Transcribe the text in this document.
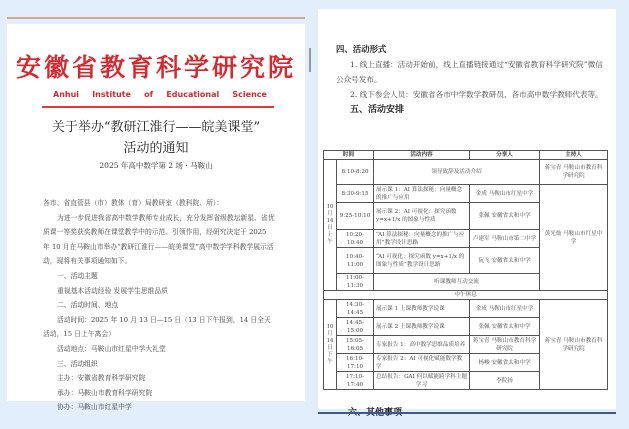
安徽省教育科学研究院
Anhui Institute of Educational Science
关于举办“教研江淮行——皖美课堂”
活动的通知
2025 年高中数学第 2 场 · 马鞍山

各市、省直管县（市）教体（育）局教研室（教科院、所）：

为进一步促进我省高中数学教师专业成长，充分发挥省级教坛新星、省优质课一等奖获奖教师在课堂教学中的示范、引领作用，经研究决定于 2025 年 10 月在马鞍山市举办“教研江淮行——皖美课堂”高中数学学科教学展示活动，现将有关事项通知如下。

一、活动主题

重视基本活动经验 发展学生思维品质

二、活动时间、地点

活动时间：2025 年 10 月 13 日—15 日（13 日下午报到，14 日全天活动，15 日上午离会）

活动地点：马鞍山市红星中学大礼堂

三、活动组织

主办：安徽省教育科学研究院

承办：马鞍山市教育科学研究院

协办：马鞍山市红星中学

四、活动形式

1. 线上直播：活动开始前，线上直播链接通过“安徽省教育科学研究院”微信公众号发布。

2. 线下参会人员：安徽省各市中学数学教研员、各市高中数学教师代表等。

五、活动安排

时间		活动内容	分享人	主持人
10月14日上午	8:10-8:20	领导致辞及活动介绍		蒋宝青 马鞍山市教育科学研究院
	8:30-9:15	展示课 1：AI 算法探秘：向量概念的推广与应用	金成 马鞍山市红星中学	黄光灿 马鞍山市红星中学
	9:25-10:10	展示课 2：AI 可视化：探究函数 y=x+1/x 的图象与性质	张佩 安徽省太和中学	
	10:20-10:40	“AI 算法探秘：向量概念的推广与应用”教学设计思路	卢建军 马鞍山市第二中学	
	10:40-11:00	“AI 可视化：探究函数 y=x+1/x 的图象与性质”教学设计思路	阮飞 安徽省太和中学	
	11:00-11:30	听课教师互动交流		
中午休息				
10月14日下午	14:30-14:45	展示课 1 上课教师教学说课	金成 马鞍山市红星中学	蒋宝青 马鞍山市教育科学研究院
	14:45-15:00	展示课 2 上课教师教学说课	张佩 安徽省太和中学	
	15:05-16:05	专家报告 1：高中数学思维品质培养	蒋宝青 马鞍山市教育科学研究院	
	16:10-17:10	专家报告 2：AI 可视化赋能数学教学	杨峻 安徽省太和中学	
	17:10-17:40	总结报告：GAI 何以赋能跨学科主题学习	李院扬	
